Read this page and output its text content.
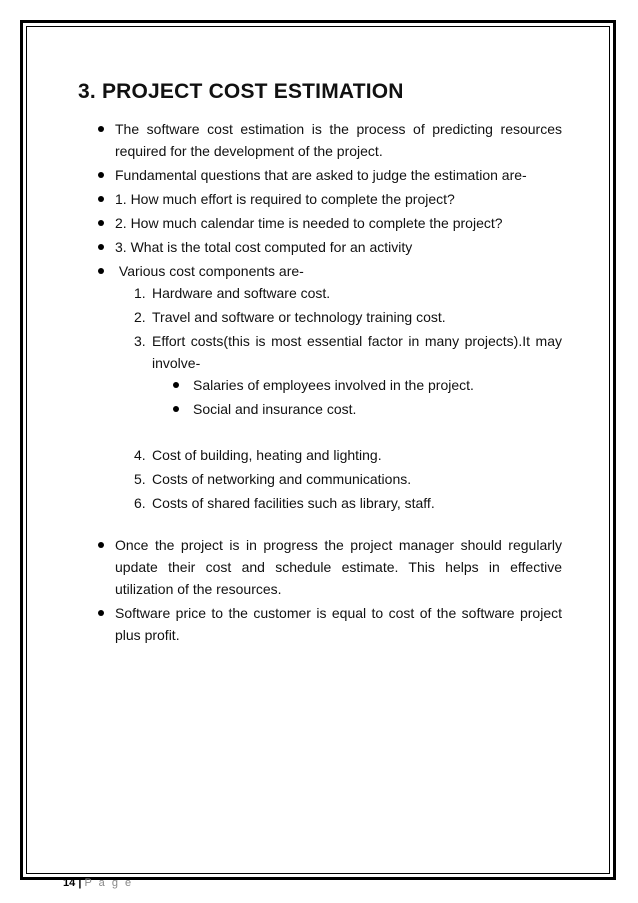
3. PROJECT COST ESTIMATION
The software cost estimation is the process of predicting resources required for the development of the project.
Fundamental questions that are asked to judge the estimation are-
1. How much effort is required to complete the project?
2. How much calendar time is needed to complete the project?
3. What is the total cost computed for an activity
Various cost components are-
1. Hardware and software cost.
2. Travel and software or technology training cost.
3. Effort costs(this is most essential factor in many projects).It may involve-
Salaries of employees involved in the project.
Social and insurance cost.
4. Cost of building, heating and lighting.
5. Costs of networking and communications.
6. Costs of shared facilities such as library, staff.
Once the project is in progress the project manager should regularly update their cost and schedule estimate. This helps in effective utilization of the resources.
Software price to the customer is equal to cost of the software project plus profit.
14 | P a g e
